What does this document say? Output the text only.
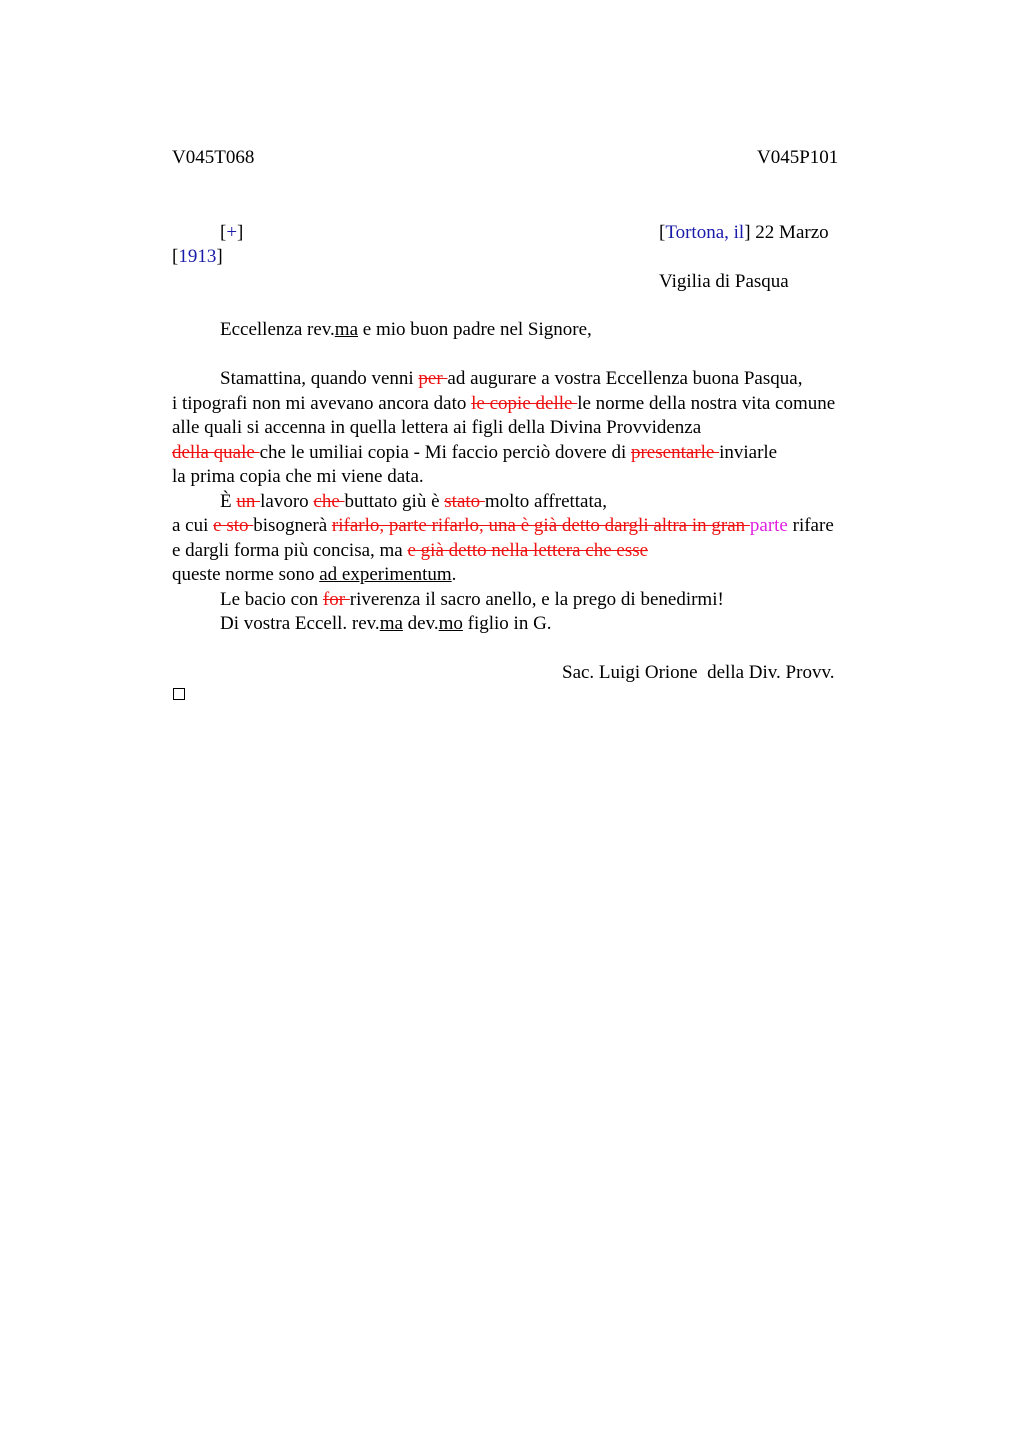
V045T068	V045P101
[+]	[Tortona, il] 22 Marzo
[1913]
Vigilia di Pasqua
Eccellenza rev.ma e mio buon padre nel Signore,
Stamattina, quando venni per ad augurare a vostra Eccellenza buona Pasqua,
i tipografi non mi avevano ancora dato le copie delle le norme della nostra vita comune
alle quali si accenna in quella lettera ai figli della Divina Provvidenza
della quale che le umiliai copia - Mi faccio perciò dovere di presentarle inviarle
la prima copia che mi viene data.
È un lavoro che buttato giù è stato molto affrettata,
a cui e sto bisognerà rifarlo, parte rifarlo, una è già detto dargli altra in gran parte rifare
e dargli forma più concisa, ma e già detto nella lettera che esse
queste norme sono ad experimentum.
Le bacio con for riverenza il sacro anello, e la prego di benedirmi!
Di vostra Eccell. rev.ma dev.mo figlio in G.
Sac. Luigi Orione  della Div. Provv.
